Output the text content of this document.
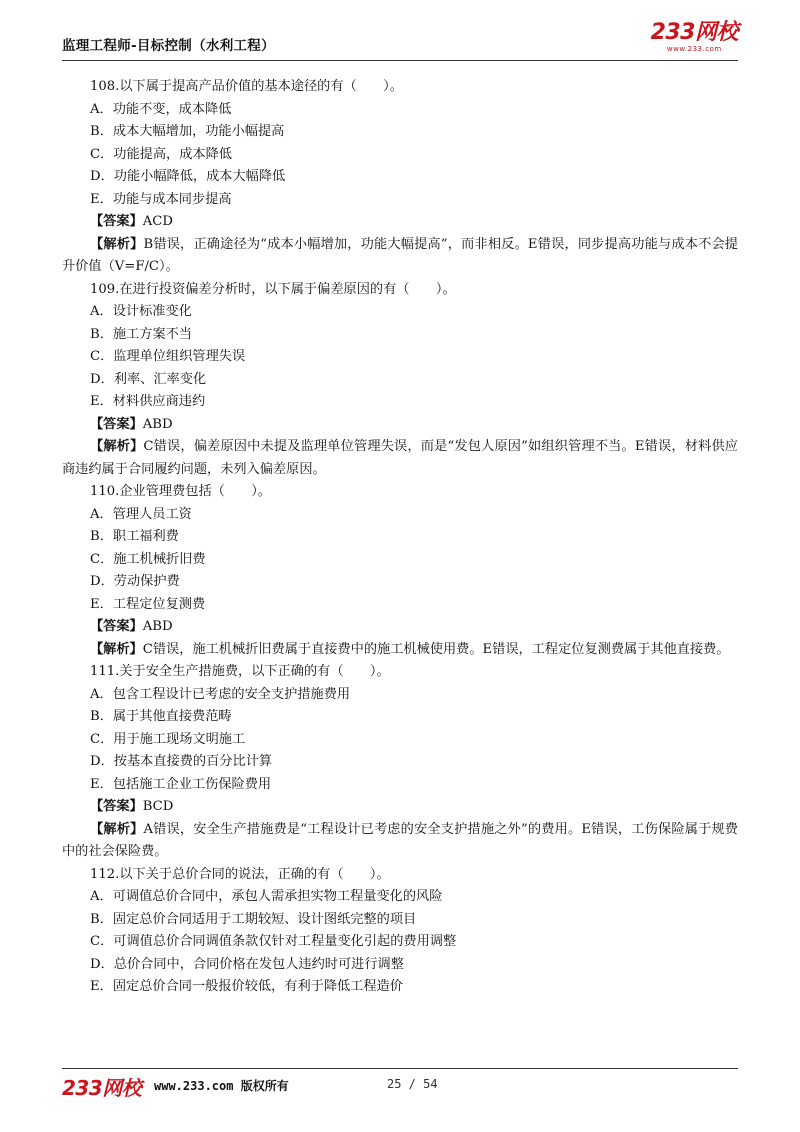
监理工程师-目标控制（水利工程）
233网校
www.233.com
108.以下属于提高产品价值的基本途径的有（　　）。
A．功能不变，成本降低
B．成本大幅增加，功能小幅提高
C．功能提高，成本降低
D．功能小幅降低，成本大幅降低
E．功能与成本同步提高
【答案】ACD
【解析】B错误，正确途径为“成本小幅增加，功能大幅提高”，而非相反。E错误，同步提高功能与成本不会提升价值（V=F/C）。
109.在进行投资偏差分析时，以下属于偏差原因的有（　　）。
A．设计标准变化
B．施工方案不当
C．监理单位组织管理失误
D．利率、汇率变化
E．材料供应商违约
【答案】ABD
【解析】C错误，偏差原因中未提及监理单位管理失误，而是“发包人原因”如组织管理不当。E错误，材料供应商违约属于合同履约问题，未列入偏差原因。
110.企业管理费包括（　　）。
A．管理人员工资
B．职工福利费
C．施工机械折旧费
D．劳动保护费
E．工程定位复测费
【答案】ABD
【解析】C错误，施工机械折旧费属于直接费中的施工机械使用费。E错误，工程定位复测费属于其他直接费。
111.关于安全生产措施费，以下正确的有（　　）。
A．包含工程设计已考虑的安全支护措施费用
B．属于其他直接费范畴
C．用于施工现场文明施工
D．按基本直接费的百分比计算
E．包括施工企业工伤保险费用
【答案】BCD
【解析】A错误，安全生产措施费是“工程设计已考虑的安全支护措施之外”的费用。E错误，工伤保险属于规费中的社会保险费。
112.以下关于总价合同的说法，正确的有（　　）。
A．可调值总价合同中，承包人需承担实物工程量变化的风险
B．固定总价合同适用于工期较短、设计图纸完整的项目
C．可调值总价合同调值条款仅针对工程量变化引起的费用调整
D．总价合同中，合同价格在发包人违约时可进行调整
E．固定总价合同一般报价较低，有利于降低工程造价
233网校 www.233.com 版权所有	25 / 54
